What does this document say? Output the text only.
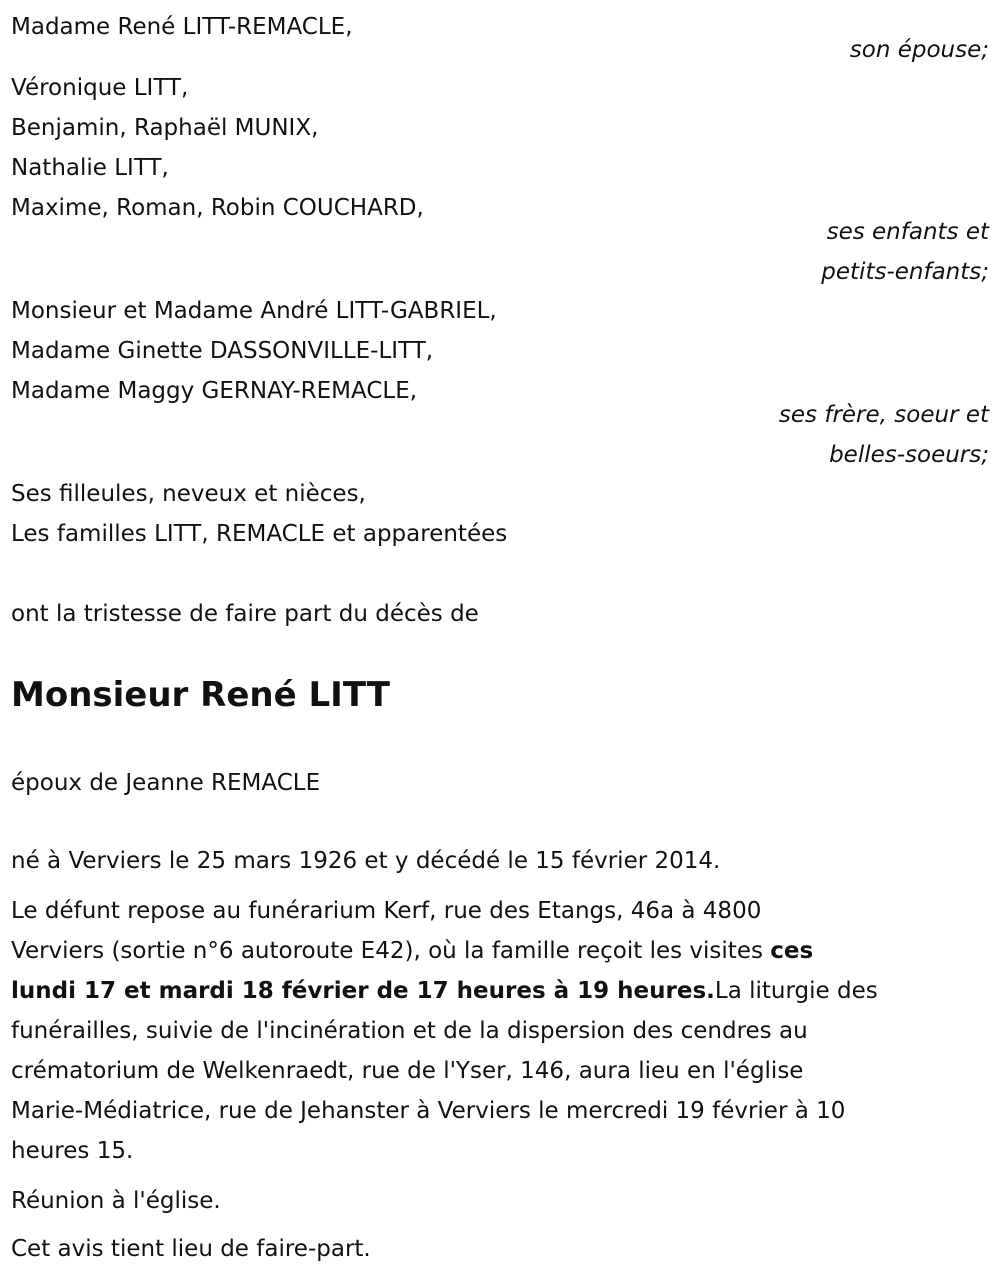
Madame René LITT-REMACLE,
son épouse;
Véronique LITT,
Benjamin, Raphaël MUNIX,
Nathalie LITT,
Maxime, Roman, Robin COUCHARD,
ses enfants et
petits-enfants;
Monsieur et Madame André LITT-GABRIEL,
Madame Ginette DASSONVILLE-LITT,
Madame Maggy GERNAY-REMACLE,
ses frère, soeur et
belles-soeurs;
Ses filleules, neveux et nièces,
Les familles LITT, REMACLE et apparentées
ont la tristesse de faire part du décès de
Monsieur René LITT
époux de Jeanne REMACLE
né à Verviers le 25 mars 1926 et y décédé le 15 février 2014.
Le défunt repose au funérarium Kerf, rue des Etangs, 46a à 4800
Verviers (sortie n°6 autoroute E42), où la famille reçoit les visites ces
lundi 17 et mardi 18 février de 17 heures à 19 heures.La liturgie des
funérailles, suivie de l'incinération et de la dispersion des cendres au
crématorium de Welkenraedt, rue de l'Yser, 146, aura lieu en l'église
Marie-Médiatrice, rue de Jehanster à Verviers le mercredi 19 février à 10
heures 15.
Réunion à l'église.
Cet avis tient lieu de faire-part.
